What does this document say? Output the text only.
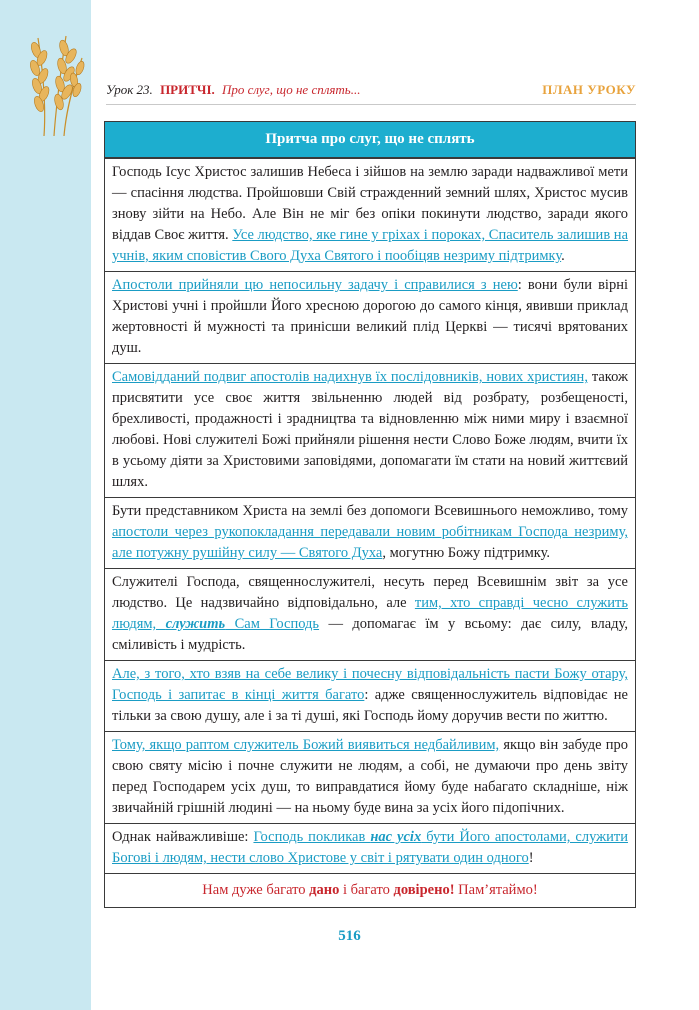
Урок 23. ПРИТЧІ. Про слуг, що не сплять...	ПЛАН УРОКУ
Притча про слуг, що не сплять
Господь Ісус Христос залишив Небеса і зійшов на землю заради надважливої мети — спасіння людства. Пройшовши Свій стражденний земний шлях, Христос мусив знову зійти на Небо. Але Він не міг без опіки покинути людство, заради якого віддав Своє життя. Усе людство, яке гине у гріхах і пороках, Спаситель залишив на учнів, яким сповістив Свого Духа Святого і пообіцяв незриму підтримку.
Апостоли прийняли цю непосильну задачу і справилися з нею: вони були вірні Христові учні і пройшли Його хресною дорогою до самого кінця, явивши приклад жертовності й мужності та принісши великий плід Церкві — тисячі врятованих душ.
Самовідданий подвиг апостолів надихнув їх послідовників, нових християн, також присвятити усе своє життя звільненню людей від розбрату, розбещеності, брехливості, продажності і зрадництва та відновленню між ними миру і взаємної любові. Нові служителі Божі прийняли рішення нести Слово Боже людям, вчити їх в усьому діяти за Христовими заповідями, допомагати їм стати на новий життєвий шлях.
Бути представником Христа на землі без допомоги Всевишнього неможливо, тому апостоли через рукопокладання передавали новим робітникам Господа незриму, але потужну рушійну силу — Святого Духа, могутню Божу підтримку.
Служителі Господа, священнослужителі, несуть перед Всевишнім звіт за усе людство. Це надзвичайно відповідально, але тим, хто справді чесно служить людям, служить Сам Господь — допомагає їм у всьому: дає силу, владу, сміливість і мудрість.
Але, з того, хто взяв на себе велику і почесну відповідальність пасти Божу отару, Господь і запитає в кінці життя багато: адже священнослужитель відповідає не тільки за свою душу, але і за ті душі, які Господь йому доручив вести по життю.
Тому, якщо раптом служитель Божий виявиться недбайливим, якщо він забуде про свою святу місію і почне служити не людям, а собі, не думаючи про день звіту перед Господарем усіх душ, то виправдатися йому буде набагато складніше, ніж звичайній грішній людині — на ньому буде вина за усіх його підопічних.
Однак найважливіше: Господь покликав нас усіх бути Його апостолами, служити Богові і людям, нести слово Христове у світ і рятувати один одного!
Нам дуже багато дано і багато довірено! Пам’ятаймо!
516
